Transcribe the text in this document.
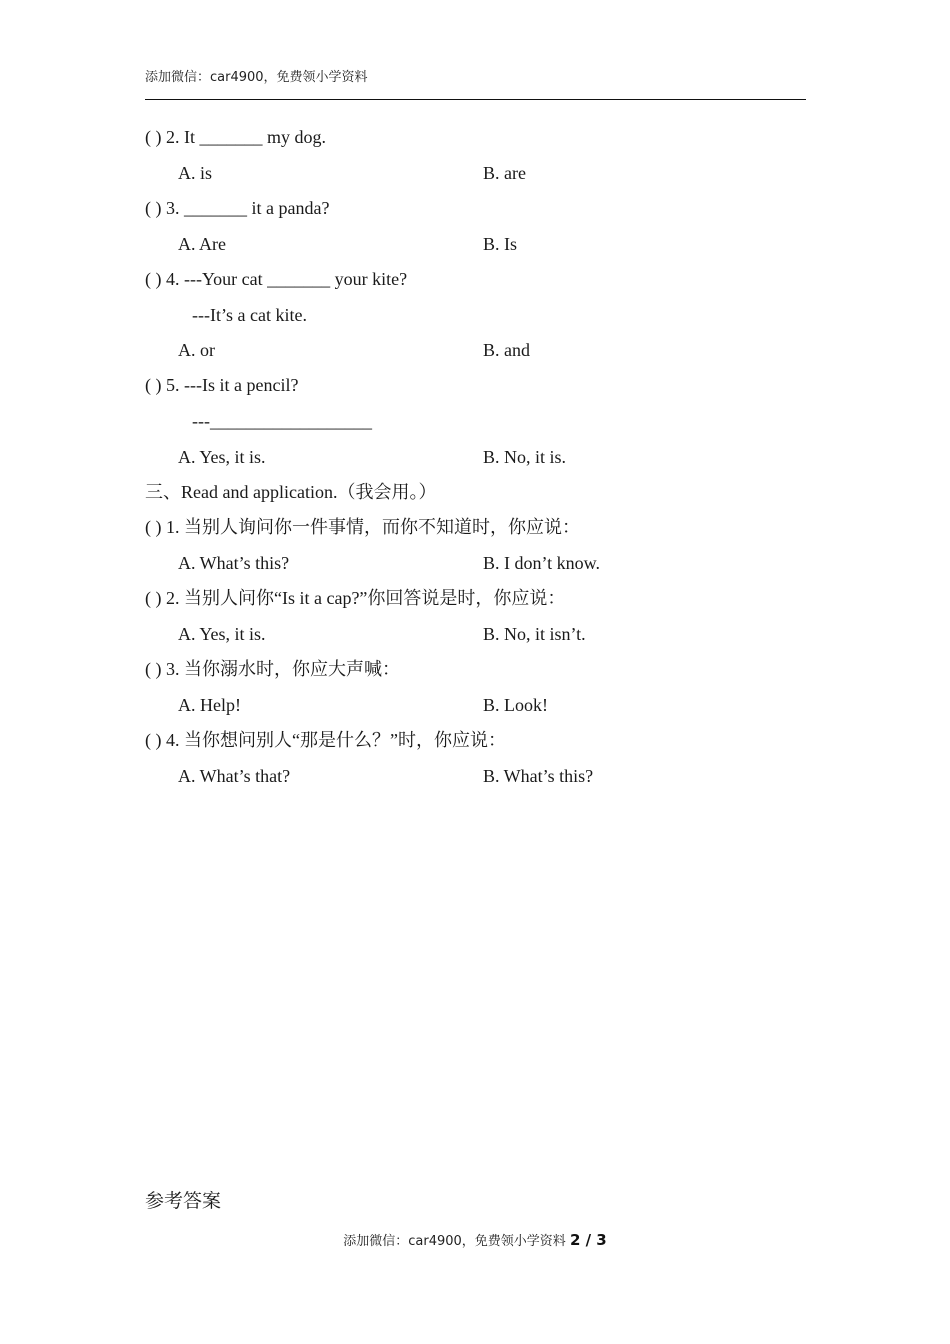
添加微信：car4900，免费领小学资料
( ) 2. It _______ my dog.
A. is	B. are
( ) 3. _______ it a panda?
A. Are	B. Is
( ) 4. ---Your cat _______ your kite?
---It’s a cat kite.
A. or	B. and
( ) 5. ---Is it a pencil?
---__________________
A. Yes, it is.	B. No, it is.
三、Read and application.（我会用。）
( ) 1. 当别人询问你一件事情，而你不知道时，你应说：
A. What’s this?	B. I don’t know.
( ) 2. 当别人问你“Is it a cap?”你回答说是时，你应说：
A. Yes, it is.	B. No, it isn’t.
( ) 3. 当你溺水时，你应大声喊：
A. Help!	B. Look!
( ) 4. 当你想问别人“那是什么？”时，你应说：
A. What’s that?	B. What’s this?
参考答案
添加微信：car4900，免费领小学资料 2 / 3
